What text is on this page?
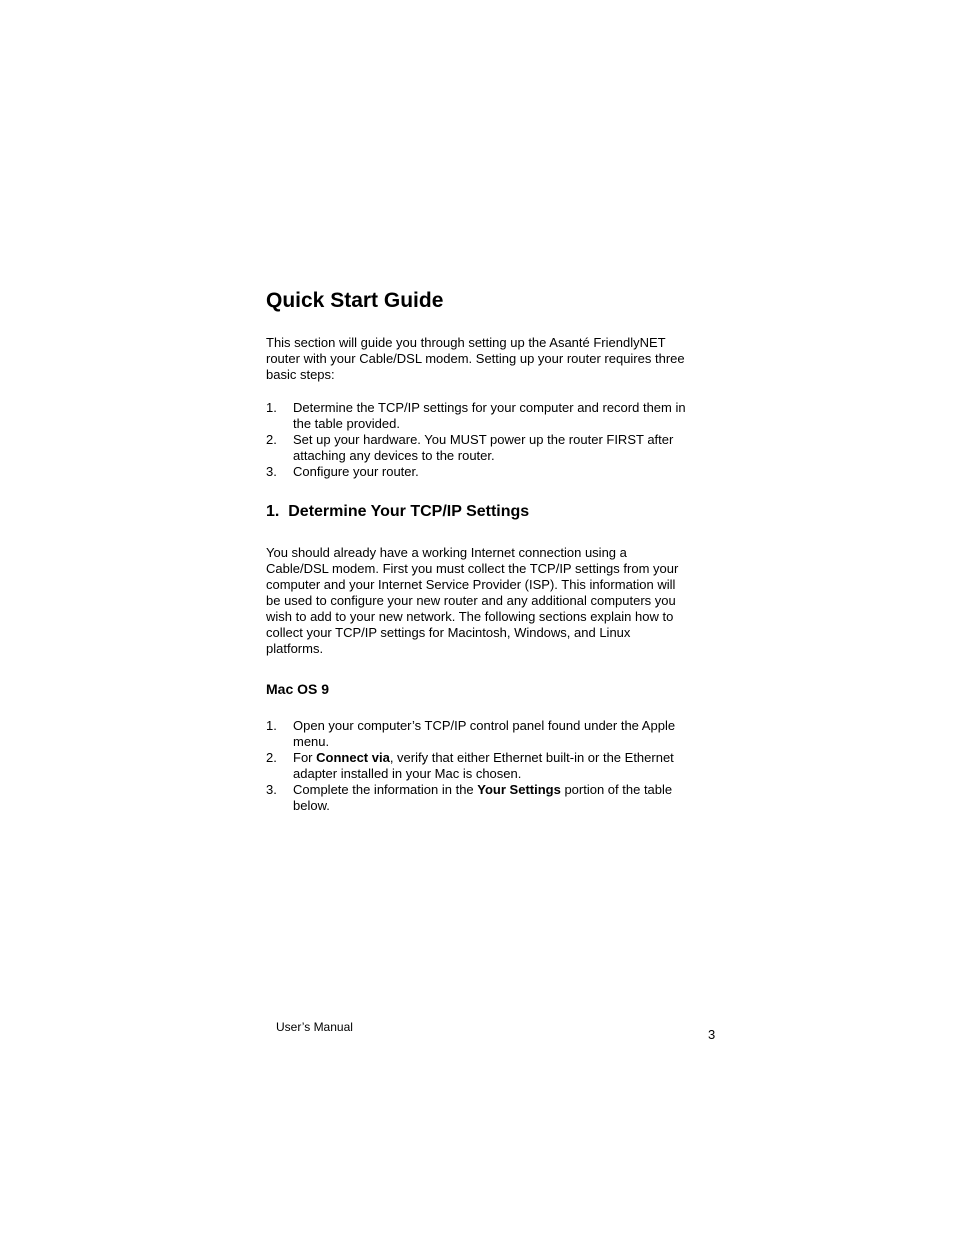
Quick Start Guide

This section will guide you through setting up the Asanté FriendlyNET router with your Cable/DSL modem. Setting up your router requires three basic steps:

1. Determine the TCP/IP settings for your computer and record them in the table provided.
2. Set up your hardware. You MUST power up the router FIRST after attaching any devices to the router.
3. Configure your router.
1.  Determine Your TCP/IP Settings

You should already have a working Internet connection using a Cable/DSL modem. First you must collect the TCP/IP settings from your computer and your Internet Service Provider (ISP). This information will be used to configure your new router and any additional computers you wish to add to your new network. The following sections explain how to collect your TCP/IP settings for Macintosh, Windows, and Linux platforms.

Mac OS 9
1. Open your computer’s TCP/IP control panel found under the Apple menu.
2. For Connect via, verify that either Ethernet built-in or the Ethernet adapter installed in your Mac is chosen.
3. Complete the information in the Your Settings portion of the table below.
User’s Manual	3
